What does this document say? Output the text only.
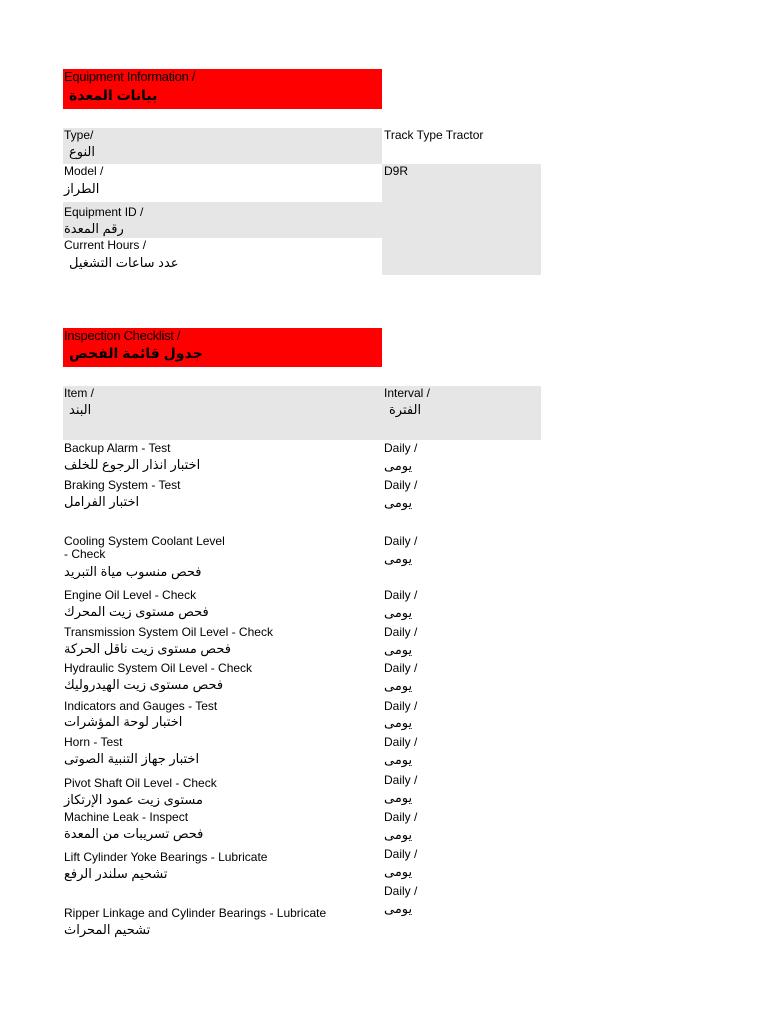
Equipment Information /
بيانات المعدة
Type/
النوع
Track Type Tractor
Model /
الطراز
D9R
Equipment ID /
رقم المعدة
Current Hours /
عدد ساعات التشغيل
Inspection Checklist /
جدول قائمة الفحص
Item /
البند
Interval /
الفترة
Backup Alarm - Test
اختبار انذار الرجوع للخلف
Daily /
يومى
Braking System - Test
اختبار الفرامل
Daily /
يومى
Cooling System Coolant Level
- Check
فحص منسوب مياة التبريد
Daily /
يومى
Engine Oil Level - Check
فحص مستوى زيت المحرك
Daily /
يومى
Transmission System Oil Level - Check
فحص مستوى زيت ناقل الحركة
Daily /
يومى
Hydraulic System Oil Level - Check
فحص مستوى زيت الهيدروليك
Daily /
يومى
Indicators and Gauges - Test
اختبار لوحة المؤشرات
Daily /
يومى
Horn - Test
اختبار جهاز التنبية الصوتى
Daily /
يومى
Pivot Shaft Oil Level - Check
مستوى زيت عمود الإرتكاز
Daily /
يومى
Machine Leak - Inspect
فحص تسريبات من المعدة
Daily /
يومى
Lift Cylinder Yoke Bearings - Lubricate
تشحيم سلندر الرفع
Daily /
يومى
Ripper Linkage and Cylinder Bearings - Lubricate
تشحيم المحراث
Daily /
يومى
